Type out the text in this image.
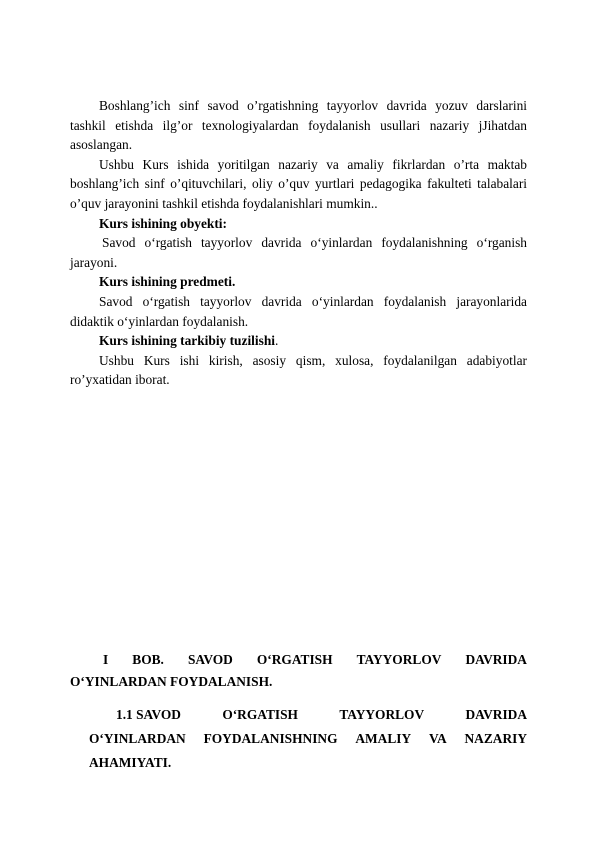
Boshlang’ich sinf savod o’rgatishning tayyorlov davrida yozuv darslarini tashkil etishda ilg’or texnologiyalardan foydalanish usullari nazariy jJihatdan asoslangan.

Ushbu Kurs ishida yoritilgan nazariy va amaliy fikrlardan o’rta maktab boshlang’ich sinf o’qituvchilari, oliy o’quv yurtlari pedagogika fakulteti talabalari o’quv jarayonini tashkil etishda foydalanishlari mumkin..

Kurs ishining obyekti:

Savod o‘rgatish tayyorlov davrida o‘yinlardan foydalanishning o‘rganish jarayoni.

Kurs ishining predmeti.

Savod o‘rgatish tayyorlov davrida o‘yinlardan foydalanish jarayonlarida didaktik o‘yinlardan foydalanish.

Kurs ishining tarkibiy tuzilishi.

Ushbu Kurs ishi kirish, asosiy qism, xulosa, foydalanilgan adabiyotlar ro’yxatidan iborat.

I BOB. SAVOD O‘RGATISH TAYYORLOV DAVRIDA
O‘YINLARDAN FOYDALANISH.
1.1 SAVOD	O‘RGATISH	TAYYORLOV	DAVRIDA
O‘YINLARDAN FOYDALANISHNING AMALIY VA NAZARIY
AHAMIYATI.
